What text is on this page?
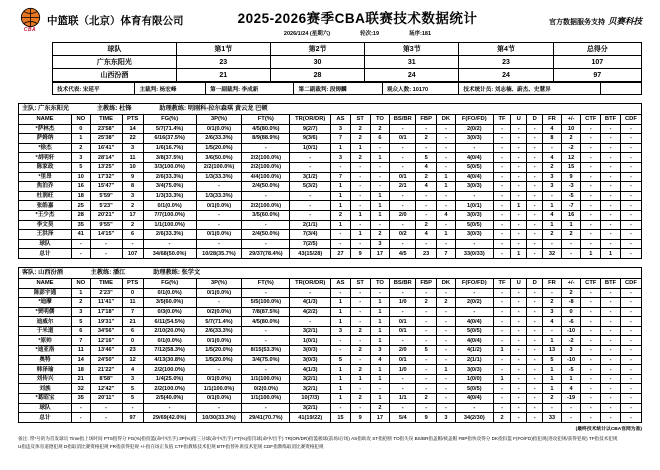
CBA
中篮联（北京）体育有限公司	2025-2026赛季CBA联赛技术数据统计
2026/1/24 (星期六)	轮次:19	场序:181
官方数据服务支持 贝赛科技
球队	第1节	第2节	第3节	第4节	总得分
广东东阳光	23	30	31	23	107
山西汾酒	21	28	24	24	97
技术代表: 宋延平	主裁判: 杨宏峰	第一副裁判: 李成新	第二副裁判: 段铸麟	观众人数: 10170	技术统计员: 刘志楠、蔚杰、史慧异	
主队: 广东东阳光 主教练: 杜锋 助理教练: 明刚科-拉尔森琪 黄云龙 巴顿																						
NAME	NO	TIME	PTS	FG(%)	3P(%)	FT(%)	TR(OR/DR)	AS	ST	TO	BS/BR	FBP	DK	F(FO/FD)	TF	U	D	FR	+/-	CTF	BTF	CDF
*萨林杰	0	23'58"	14	5/7(71.4%)	0/1(0.0%)	4/5(80.0%)	9(2/7)	3	2	2	-	-	-	2(0/2)	-	-	-	4	10	-	-	-
萨姆纳	1	25'38"	22	6/16(37.5%)	2/6(33.3%)	8/9(88.9%)	9(3/6)	7	2	6	0/1	2	-	3(0/3)	-	-	-	8	2	-	-	-
*徐杰	2	16'41"	3	1/6(16.7%)	1/5(20.0%)	-	1(0/1)	1	1	-	-	-	-	-	-	-	-	-	-2	-	-	-
*胡明轩	3	28'14"	11	3/8(37.5%)	3/6(50.0%)	2/2(100.0%)	-	3	2	1	-	5	-	4(0/4)	-	-	-	4	12	-	-	-
陈家政	5	13'25"	10	3/3(100.0%)	2/2(100.0%)	2/2(100.0%)	-	-	-	-	-	4	-	5(0/5)	-	-	-	2	15	-	-	-
*里昂	10	17'32"	9	2/6(33.3%)	1/3(33.3%)	4/4(100.0%)	3(1/2)	7	-	-	0/1	2	1	4(0/4)	-	-	-	3	9	-	-	-
焦泊乔	16	15'47"	8	3/4(75.0%)	-	2/4(50.0%)	5(3/2)	1	-	-	2/1	4	1	3(0/3)	-	-	-	3	-3	-	-	-
杜润旺	18	5'59"	3	1/3(33.3%)	1/3(33.3%)	-	-	1	-	1	-	-	-	-	-	-	-	-	-5	-	-	-
张皓嘉	25	5'23"	2	0/1(0.0%)	0/1(0.0%)	2/2(100.0%)	-	1	-	1	-	-	-	1(0/1)	-	1	-	1	-7	-	-	-
*王少杰	28	20'21"	17	7/7(100.0%)	-	3/5(60.0%)	-	2	1	1	2/0	-	4	3(0/3)	-	-	-	4	16	-	-	-
李文昊	35	9'55"	2	1/1(100.0%)	-	-	2(1/1)	1	-	-	-	2	-	5(0/5)	-	-	-	1	1	-	-	-
王洪泽	41	14'15"	6	2/6(33.3%)	0/1(0.0%)	2/4(50.0%)	7(3/4)	-	1	2	0/2	4	1	3(0/3)	-	-	-	2	2	-	-	-
球队	-	-	-	-	-	-	7(2/5)	-	-	3	-	-	-	-	-	-	-	-	-	-	-	-
总计	-	-	107	34/68(50.0%)	10/28(35.7%)	29/37(78.4%)	43(15/28)	27	9	17	4/5	23	7	33(0/33)	-	1	-	32	-	1	1	-
客队: 山西汾酒 主教练: 潘江 助理教练: 张学文																						
NAME	NO	TIME	PTS	FG(%)	3P(%)	FT(%)	TR(OR/DR)	AS	ST	TO	BS/BR	FBP	DK	F(FO/FD)	TF	U	D	FR	+/-	CTF	BTF	CDF
陈彭宇通	1	2'23"	0	0/1(0.0%)	0/1(0.0%)	-	-	-	-	-	-	-	-	-	-	-	-	-	2	-	-	-
*迪摩	2	11'41"	11	3/5(60.0%)	-	5/5(100.0%)	4(1/3)	1	-	1	1/0	2	2	2(0/2)	-	-	-	2	-8	-	-	-
*贾明儒	3	17'18"	7	0/3(0.0%)	0/2(0.0%)	7/8(87.5%)	4(2/2)	1	-	1	-	-	-	-	-	-	-	3	0	-	-	-
迪威尔	5	19'31"	21	6/11(54.5%)	5/7(71.4%)	4/5(80.0%)	-	1	-	1	0/1	-	-	4(0/4)	-	-	-	4	-6	-	-	-
于米道	6	34'56"	6	2/10(20.0%)	2/6(33.3%)	-	3(2/1)	3	2	1	0/1	-	-	5(0/5)	-	-	-	-	-10	-	-	-
*原帅	7	12'16"	0	0/1(0.0%)	0/1(0.0%)	-	1(0/1)	-	-	1	-	-	-	4(0/4)	-	-	-	1	-2	-	-	-
*迪亚洛	11	13'46"	23	7/12(58.3%)	1/5(20.0%)	8/15(53.3%)	3(0/3)	-	2	3	2/0	5	-	4(1/2)	1	-	-	13	3	-	-	-
奥特	14	24'50"	12	4/13(30.8%)	1/5(20.0%)	3/4(75.0%)	3(0/3)	5	-	4	0/1	-	-	2(1/1)	-	-	-	5	-10	-	-	-
韩泽瑜	18	21'22"	4	2/2(100.0%)	-	-	4(1/3)	1	2	1	1/0	-	1	3(0/3)	-	-	-	1	-5	-	-	-
刘传兴	21	8'58"	3	1/4(25.0%)	0/1(0.0%)	1/1(100.0%)	3(2/1)	1	1	1	-	-	-	1(0/0)	1	-	-	1	1	-	-	-
刘族	32	12'42"	5	2/2(100.0%)	1/1(100.0%)	0/2(0.0%)	3(2/1)	1	-	-	-	-	-	5(0/5)	-	-	-	1	4	-	-	-
*葛昭宝	35	20'11"	5	2/5(40.0%)	0/1(0.0%)	1/1(100.0%)	10(7/3)	1	2	1	1/1	2	-	4(0/4)	-	-	-	2	-19	-	-	-
球队	-	-	-	-	-	-	3(2/1)	-	-	2	-	-	-	-	-	-	-	-	-	-	-	-
总计	-	-	97	29/69(42.0%)	10/30(33.3%)	29/41(70.7%)	41(19/22)	15	9	17	5/4	9	3	34(2/30)	2	-	-	33	-	-	-	-
(最终技术统计以CBA官网为准)
备注: 带*号的为首发球员 Time指上场时间 PTS指得分 FG(%)指投篮(命中/出手) 3P(%)指三分球(命中/出手) FT(%)指罚球(命中/出手) TR(OR/DR)指篮板球(前场/后场) AS指助攻 ST指抢断 TO指失误 BS/BR指盖帽/被盖帽 FBP指快攻得分 DK指扣篮 F(FO/FD)指犯规(进攻犯规/获得犯规) TF指技术犯规
U指违反体育道德犯规 D指取消比赛资格犯规 FR指获得犯规 +/-指在场正负值 CTF指教练技术犯规 BTF指替补席技术犯规 CDF指教练取消比赛资格犯规
